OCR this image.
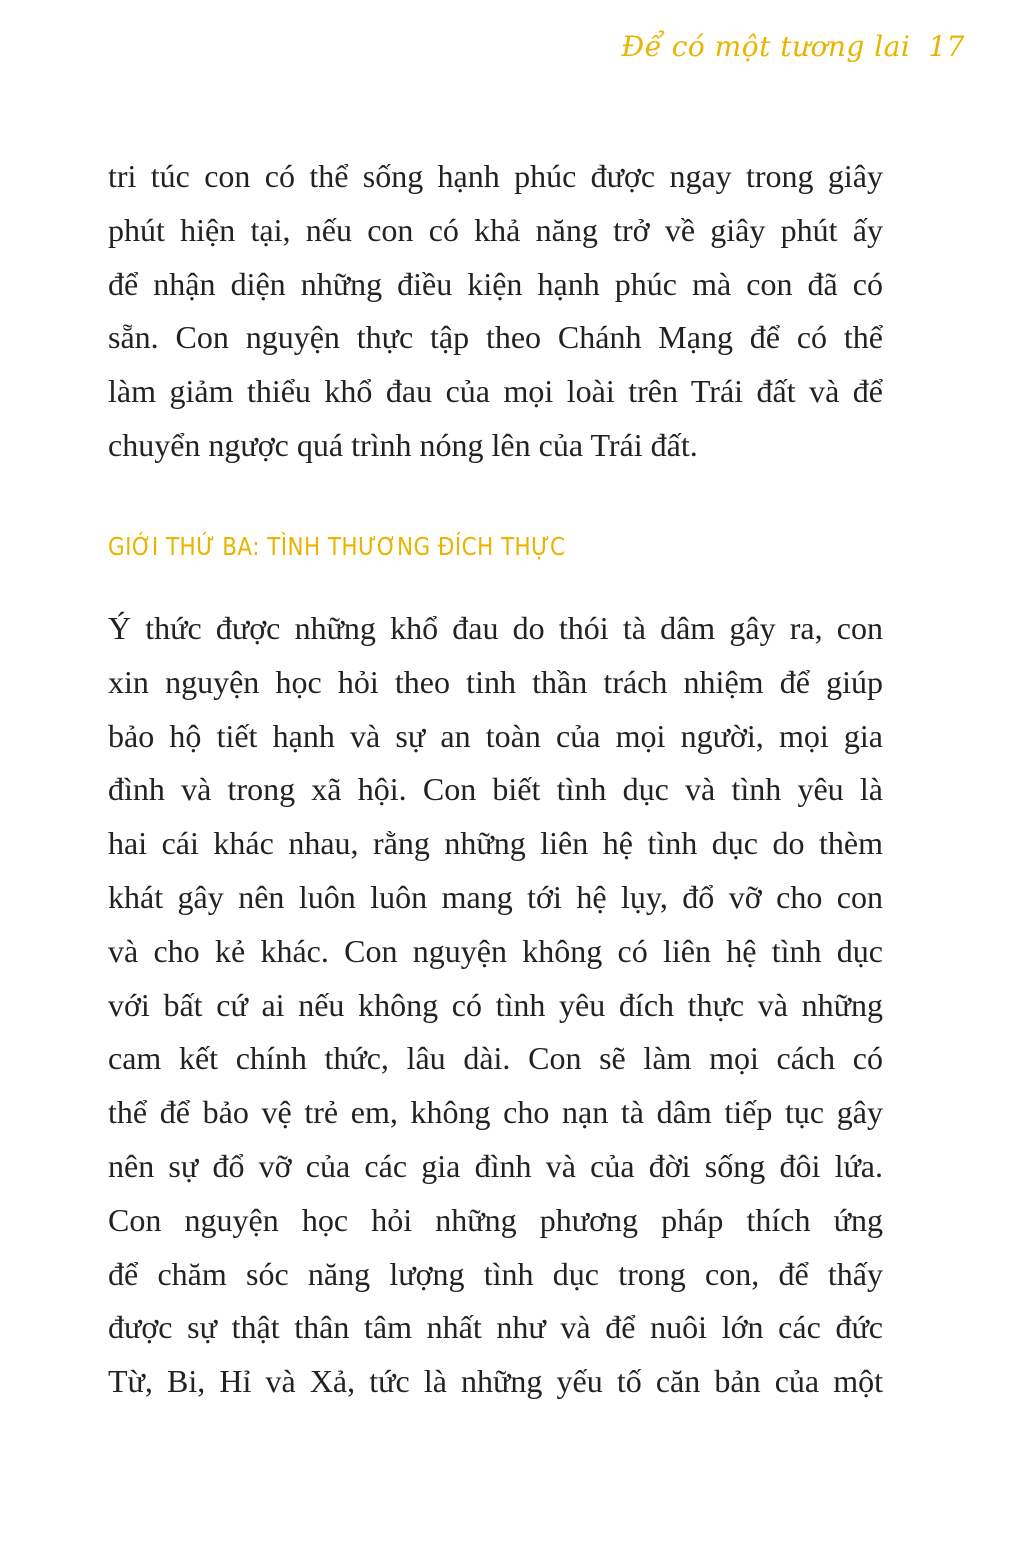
Để có một tương lai 17

tri túc con có thể sống hạnh phúc được ngay trong giây
phút hiện tại, nếu con có khả năng trở về giây phút ấy
để nhận diện những điều kiện hạnh phúc mà con đã có
sẵn. Con nguyện thực tập theo Chánh Mạng để có thể
làm giảm thiểu khổ đau của mọi loài trên Trái đất và để
chuyển ngược quá trình nóng lên của Trái đất.

GIỚI THỨ BA: TÌNH THƯƠNG ĐÍCH THỰC

Ý thức được những khổ đau do thói tà dâm gây ra, con
xin nguyện học hỏi theo tinh thần trách nhiệm để giúp
bảo hộ tiết hạnh và sự an toàn của mọi người, mọi gia
đình và trong xã hội. Con biết tình dục và tình yêu là
hai cái khác nhau, rằng những liên hệ tình dục do thèm
khát gây nên luôn luôn mang tới hệ lụy, đổ vỡ cho con
và cho kẻ khác. Con nguyện không có liên hệ tình dục
với bất cứ ai nếu không có tình yêu đích thực và những
cam kết chính thức, lâu dài. Con sẽ làm mọi cách có
thể để bảo vệ trẻ em, không cho nạn tà dâm tiếp tục gây
nên sự đổ vỡ của các gia đình và của đời sống đôi lứa.
Con nguyện học hỏi những phương pháp thích ứng
để chăm sóc năng lượng tình dục trong con, để thấy
được sự thật thân tâm nhất như và để nuôi lớn các đức
Từ, Bi, Hỉ và Xả, tức là những yếu tố căn bản của một
